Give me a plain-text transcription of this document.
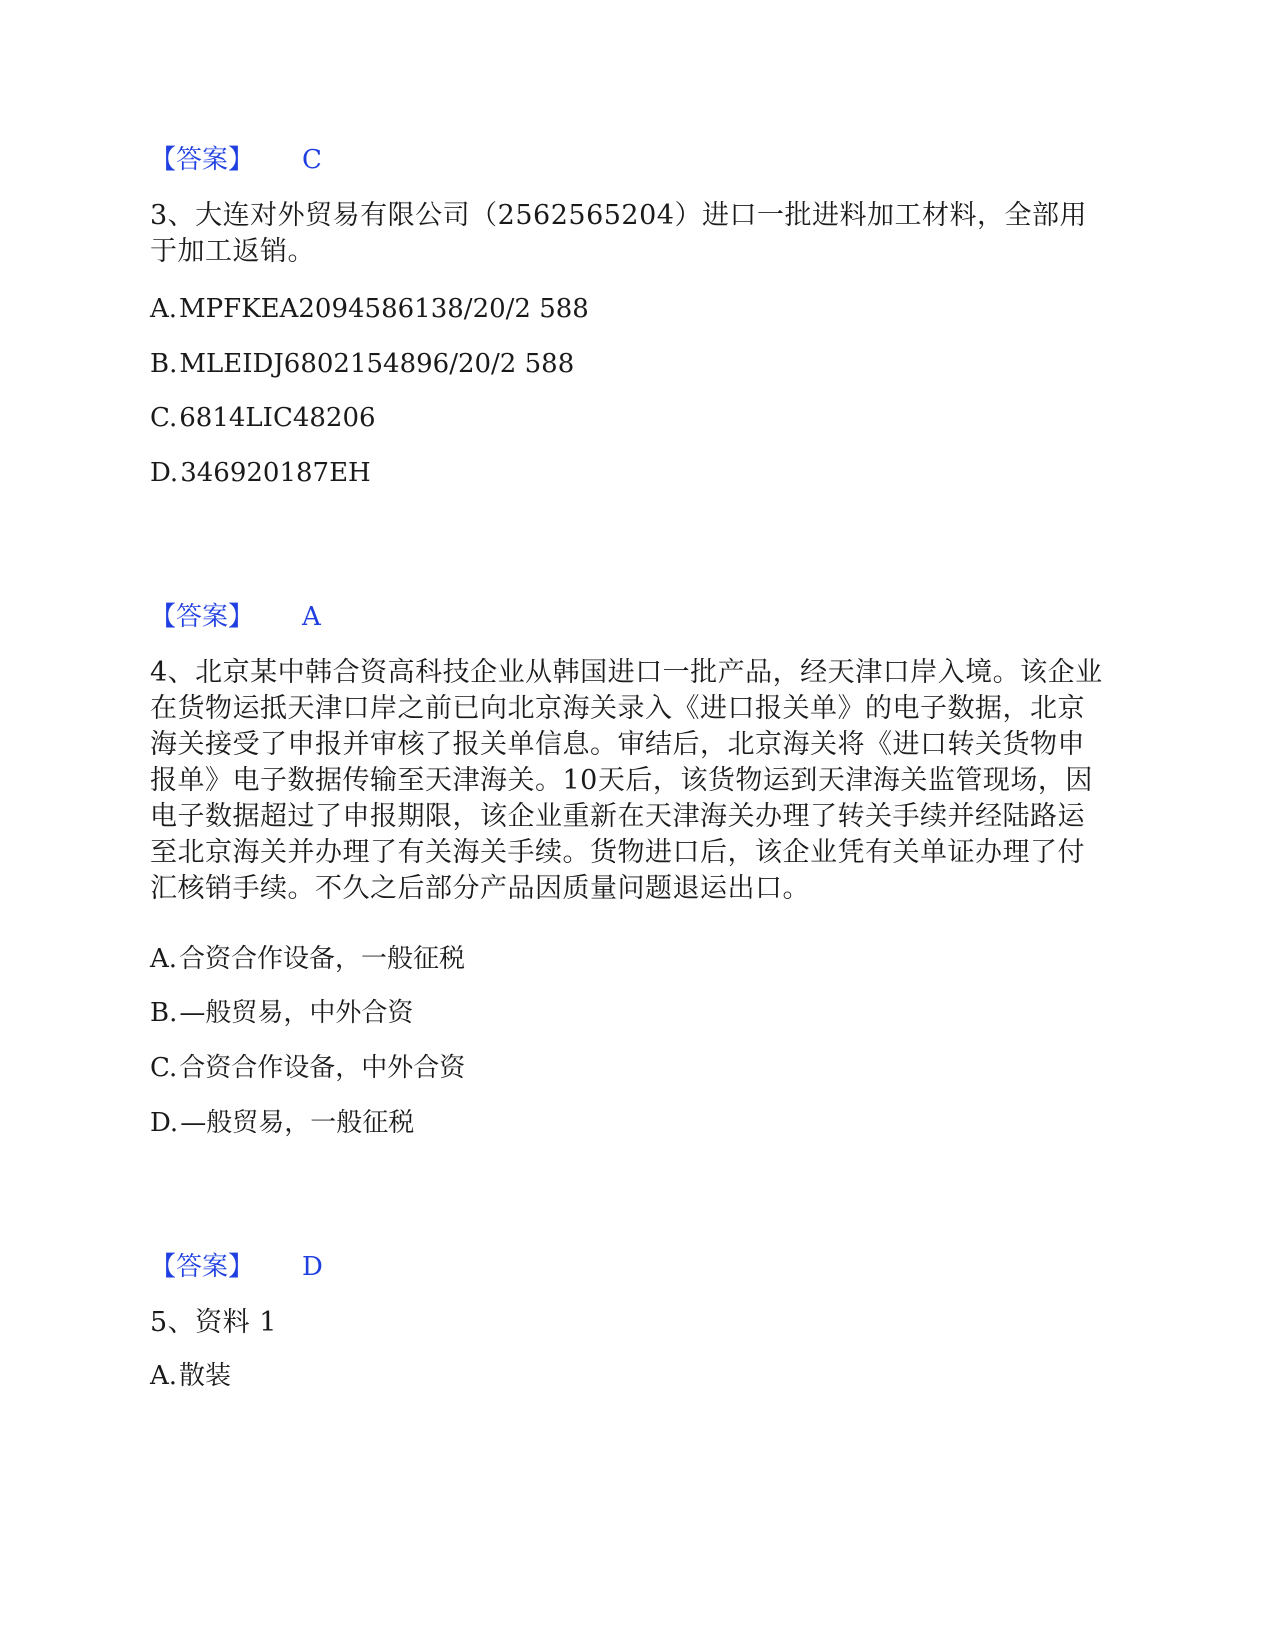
【答案】 C
3、大连对外贸易有限公司（2562565204）进口一批进料加工材料，全部用于加工返销。
A.MPFKEA2094586138/20/2 588
B.MLEIDJ6802154896/20/2 588
C.6814LIC48206
D.346920187EH
【答案】 A
4、北京某中韩合资高科技企业从韩国进口一批产品，经天津口岸入境。该企业在货物运抵天津口岸之前已向北京海关录入《进口报关单》的电子数据，北京海关接受了申报并审核了报关单信息。审结后，北京海关将《进口转关货物申报单》电子数据传输至天津海关。10天后，该货物运到天津海关监管现场，因电子数据超过了申报期限，该企业重新在天津海关办理了转关手续并经陆路运至北京海关并办理了有关海关手续。货物进口后，该企业凭有关单证办理了付汇核销手续。不久之后部分产品因质量问题退运出口。
A.合资合作设备，一般征税
B.—般贸易，中外合资
C.合资合作设备，中外合资
D.—般贸易，一般征税
【答案】 D
5、资料 1
A.散装
